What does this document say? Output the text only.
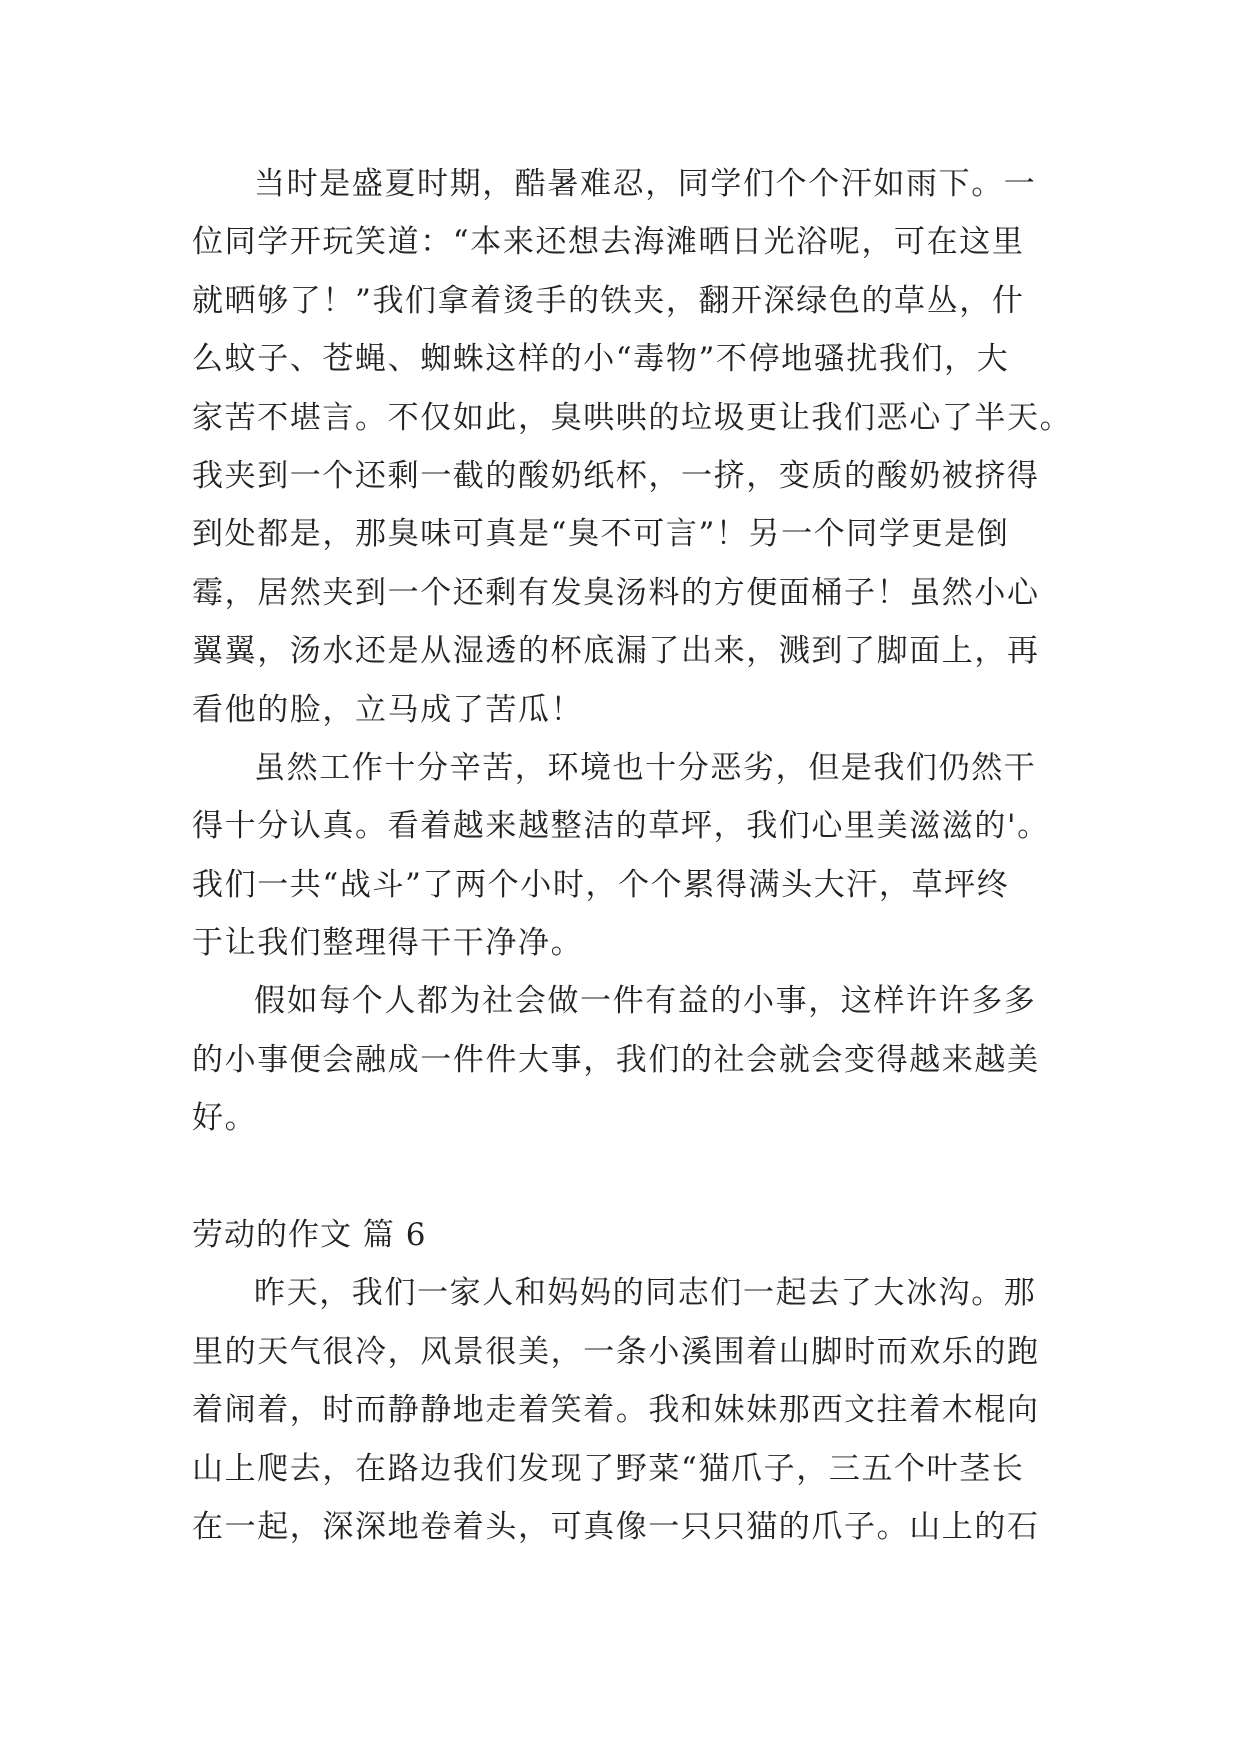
当时是盛夏时期，酷暑难忍，同学们个个汗如雨下。一
位同学开玩笑道：“本来还想去海滩晒日光浴呢，可在这里
就晒够了！”我们拿着烫手的铁夹，翻开深绿色的草丛，什
么蚊子、苍蝇、蜘蛛这样的小“毒物”不停地骚扰我们，大
家苦不堪言。不仅如此，臭哄哄的垃圾更让我们恶心了半天。
我夹到一个还剩一截的酸奶纸杯，一挤，变质的酸奶被挤得
到处都是，那臭味可真是“臭不可言”！另一个同学更是倒
霉，居然夹到一个还剩有发臭汤料的方便面桶子！虽然小心
翼翼，汤水还是从湿透的杯底漏了出来，溅到了脚面上，再
看他的脸，立马成了苦瓜！
虽然工作十分辛苦，环境也十分恶劣，但是我们仍然干
得十分认真。看着越来越整洁的草坪，我们心里美滋滋的'。
我们一共“战斗”了两个小时，个个累得满头大汗，草坪终
于让我们整理得干干净净。
假如每个人都为社会做一件有益的小事，这样许许多多
的小事便会融成一件件大事，我们的社会就会变得越来越美
好。
劳动的作文 篇 6
昨天，我们一家人和妈妈的同志们一起去了大冰沟。那
里的天气很冷，风景很美，一条小溪围着山脚时而欢乐的跑
着闹着，时而静静地走着笑着。我和妹妹那西文拄着木棍向
山上爬去，在路边我们发现了野菜“猫爪子，三五个叶茎长
在一起，深深地卷着头，可真像一只只猫的爪子。山上的石
